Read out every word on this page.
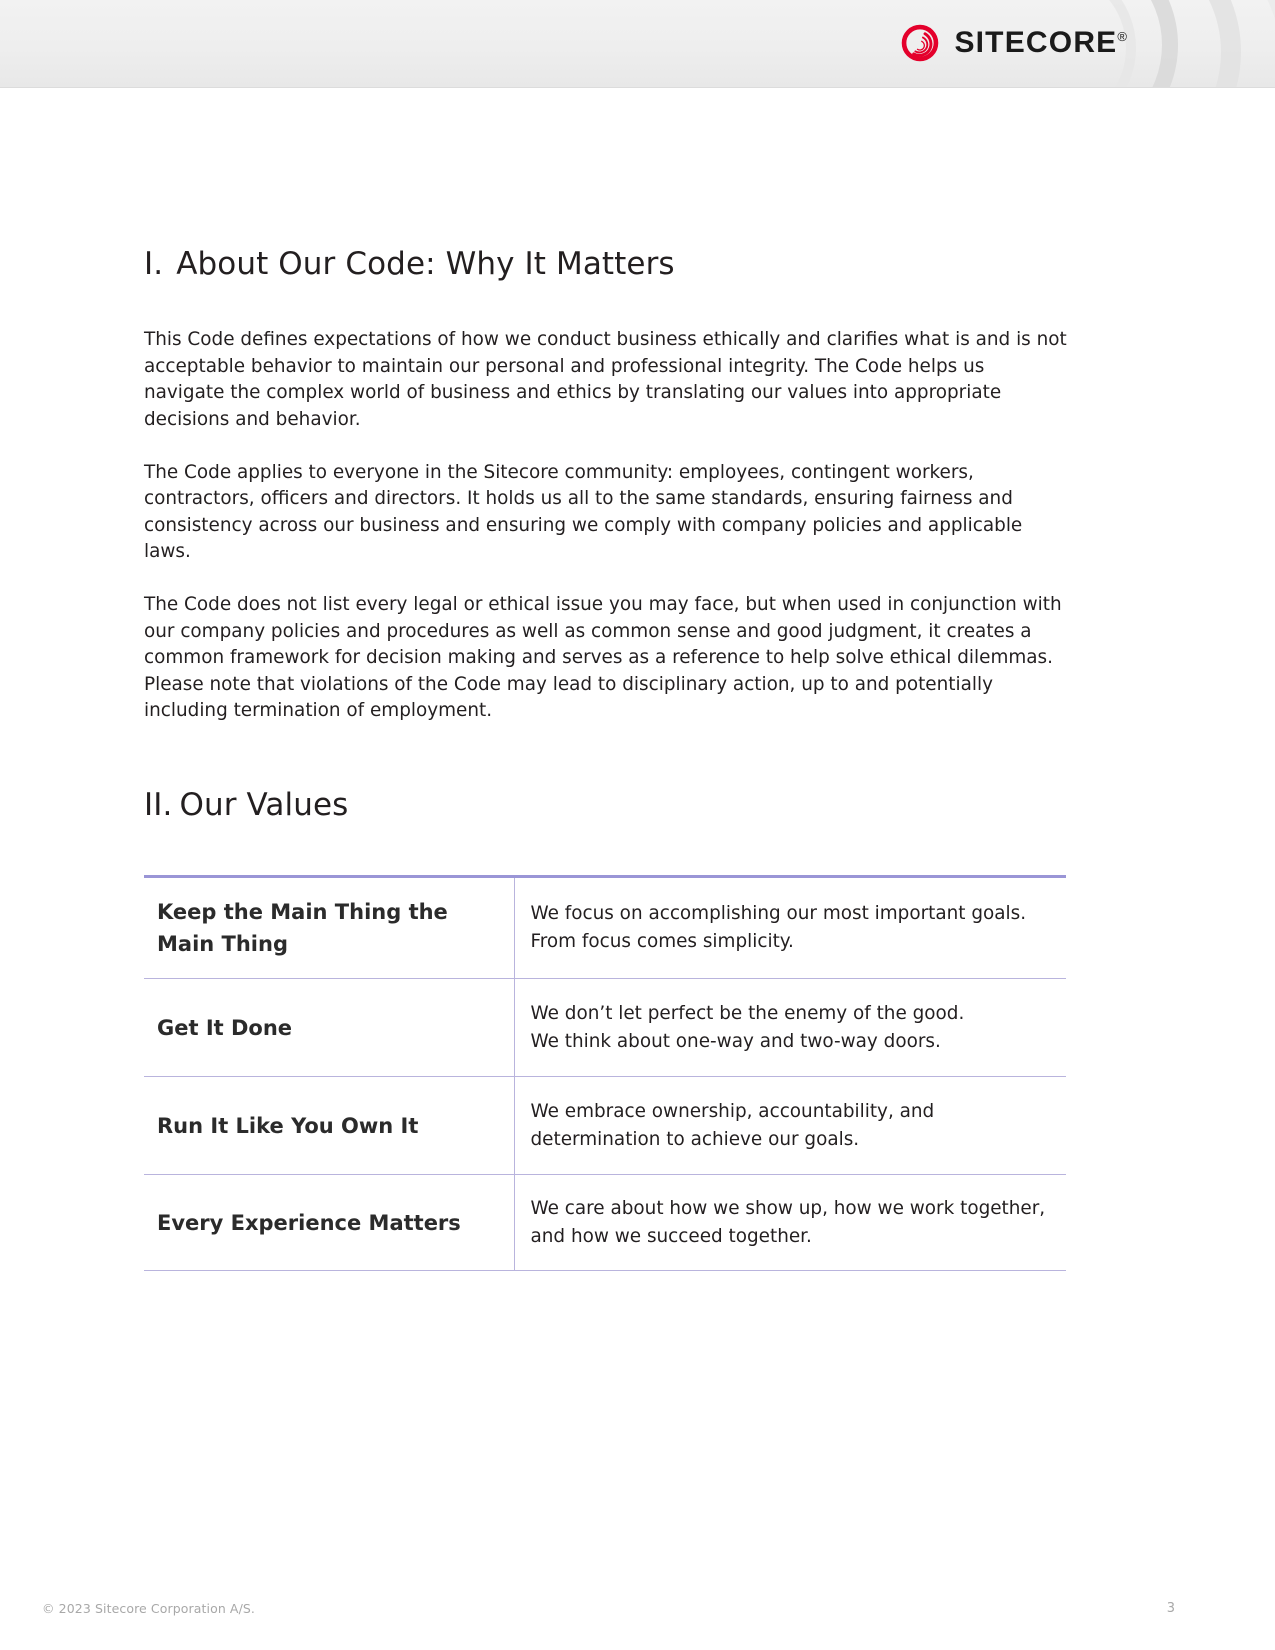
SITECORE®
I. About Our Code: Why It Matters

This Code defines expectations of how we conduct business ethically and clarifies what is and is not acceptable behavior to maintain our personal and professional integrity. The Code helps us navigate the complex world of business and ethics by translating our values into appropriate decisions and behavior.

The Code applies to everyone in the Sitecore community: employees, contingent workers, contractors, officers and directors. It holds us all to the same standards, ensuring fairness and consistency across our business and ensuring we comply with company policies and applicable laws.

The Code does not list every legal or ethical issue you may face, but when used in conjunction with our company policies and procedures as well as common sense and good judgment, it creates a common framework for decision making and serves as a reference to help solve ethical dilemmas. Please note that violations of the Code may lead to disciplinary action, up to and potentially including termination of employment.

II. Our Values
Keep the Main Thing the Main Thing	We focus on accomplishing our most important goals.
From focus comes simplicity.

Get It Done	We don’t let perfect be the enemy of the good.
We think about one-way and two-way doors.

Run It Like You Own It	We embrace ownership, accountability, and determination to achieve our goals.

Every Experience Matters	We care about how we show up, how we work together, and how we succeed together.
© 2023 Sitecore Corporation A/S.	3
